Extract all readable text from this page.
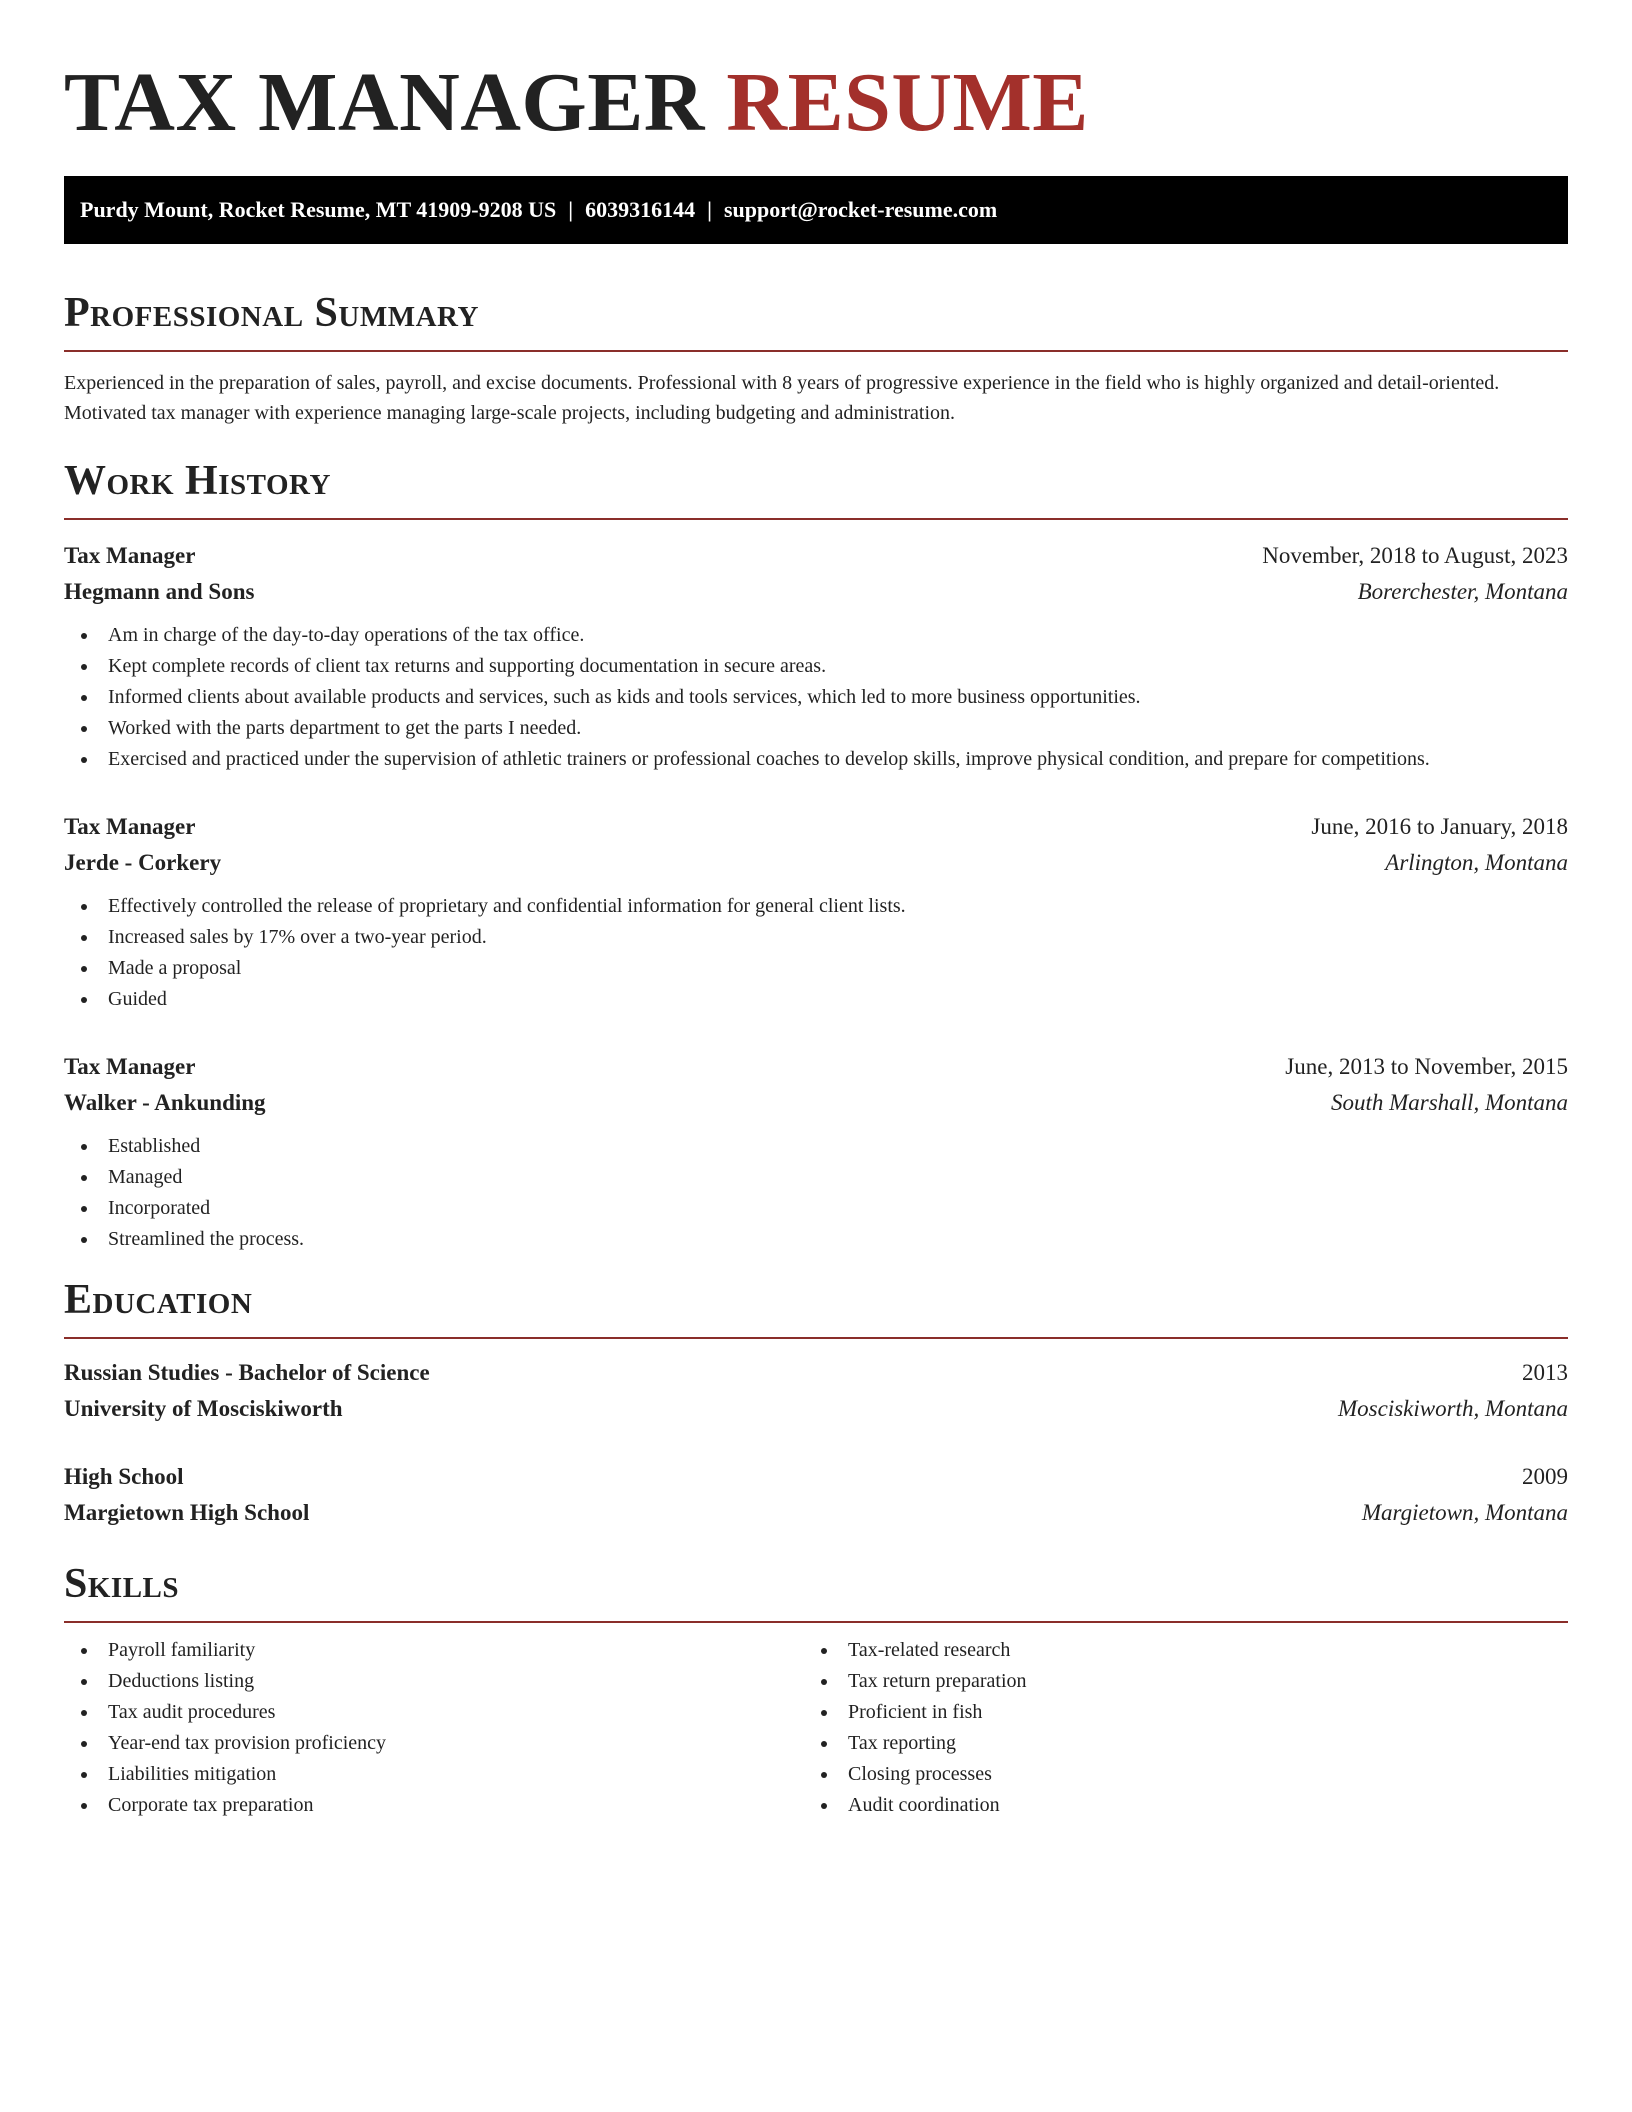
TAX MANAGER RESUME
Purdy Mount, Rocket Resume, MT 41909-9208 US | 6039316144 | support@rocket-resume.com
Professional Summary

Experienced in the preparation of sales, payroll, and excise documents. Professional with 8 years of progressive experience in the field who is highly organized and detail-oriented. Motivated tax manager with experience managing large-scale projects, including budgeting and administration.

Work History
Tax Manager	November, 2018 to August, 2023
Hegmann and Sons	Borerchester, Montana
Am in charge of the day-to-day operations of the tax office.
Kept complete records of client tax returns and supporting documentation in secure areas.
Informed clients about available products and services, such as kids and tools services, which led to more business opportunities.
Worked with the parts department to get the parts I needed.
Exercised and practiced under the supervision of athletic trainers or professional coaches to develop skills, improve physical condition, and prepare for competitions.
Tax Manager	June, 2016 to January, 2018
Jerde - Corkery	Arlington, Montana
Effectively controlled the release of proprietary and confidential information for general client lists.
Increased sales by 17% over a two-year period.
Made a proposal
Guided
Tax Manager	June, 2013 to November, 2015
Walker - Ankunding	South Marshall, Montana
Established
Managed
Incorporated
Streamlined the process.
Education
Russian Studies - Bachelor of Science	2013
University of Mosciskiworth	Mosciskiworth, Montana
High School	2009
Margietown High School	Margietown, Montana
Skills
Payroll familiarity
Deductions listing
Tax audit procedures
Year-end tax provision proficiency
Liabilities mitigation
Corporate tax preparation
Tax-related research
Tax return preparation
Proficient in fish
Tax reporting
Closing processes
Audit coordination
